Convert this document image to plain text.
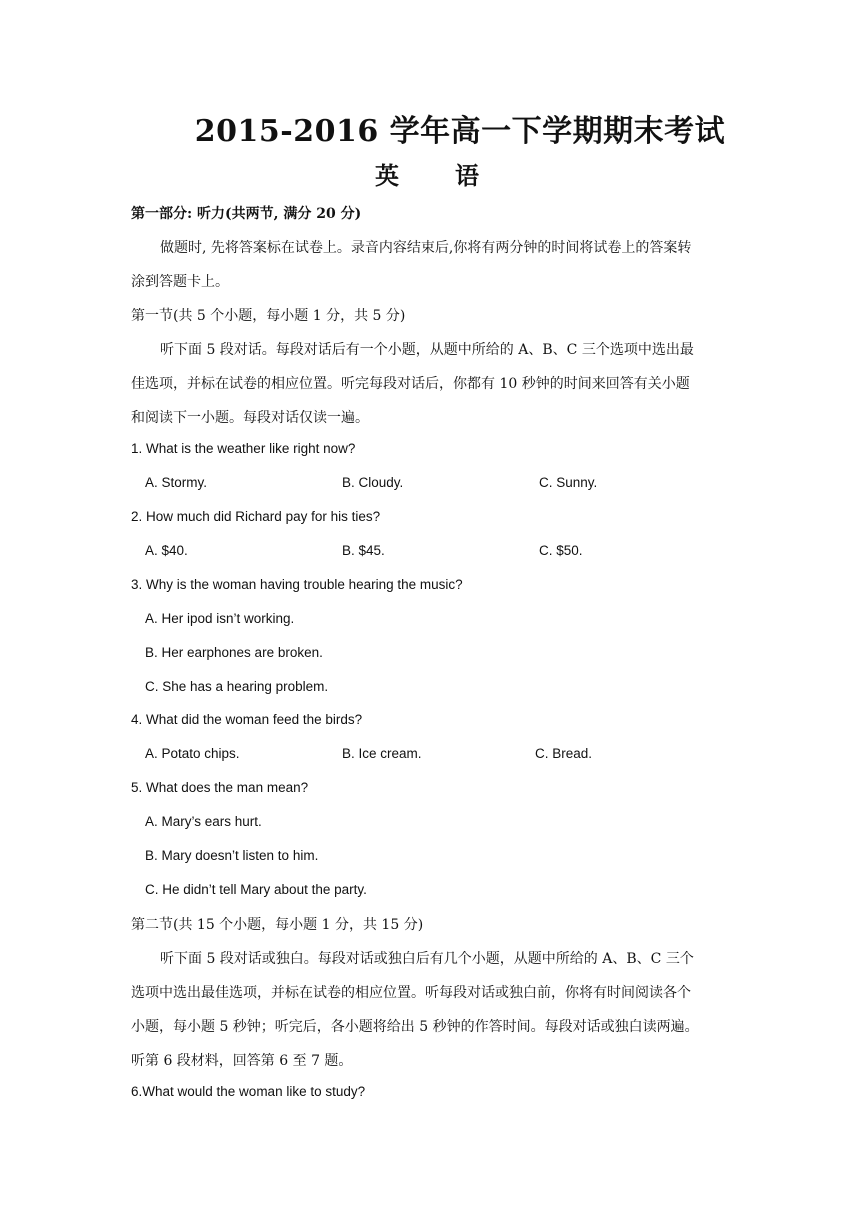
2015-2016 学年高一下学期期末考试
英　语
第一部分: 听力(共两节, 满分 20 分)
做题时, 先将答案标在试卷上。录音内容结束后,你将有两分钟的时间将试卷上的答案转
涂到答题卡上。
第一节(共 5 个小题，每小题 1 分，共 5 分)
听下面 5 段对话。每段对话后有一个小题，从题中所给的 A、B、C 三个选项中选出最
佳选项，并标在试卷的相应位置。听完每段对话后，你都有 10 秒钟的时间来回答有关小题
和阅读下一小题。每段对话仅读一遍。
1. What is the weather like right now?
A. Stormy.	B. Cloudy.	C. Sunny.
2. How much did Richard pay for his ties?
A. $40.	B. $45.	C. $50.
3. Why is the woman having trouble hearing the music?
A. Her ipod isn’t working.
B. Her earphones are broken.
C. She has a hearing problem.
4. What did the woman feed the birds?
A. Potato chips.	B. Ice cream.	C. Bread.
5. What does the man mean?
A. Mary’s ears hurt.
B. Mary doesn’t listen to him.
C. He didn’t tell Mary about the party.
第二节(共 15 个小题，每小题 1 分，共 15 分)
听下面 5 段对话或独白。每段对话或独白后有几个小题，从题中所给的 A、B、C 三个
选项中选出最佳选项，并标在试卷的相应位置。听每段对话或独白前，你将有时间阅读各个
小题，每小题 5 秒钟；听完后，各小题将给出 5 秒钟的作答时间。每段对话或独白读两遍。
听第 6 段材料，回答第 6 至 7 题。
6.What would the woman like to study?
